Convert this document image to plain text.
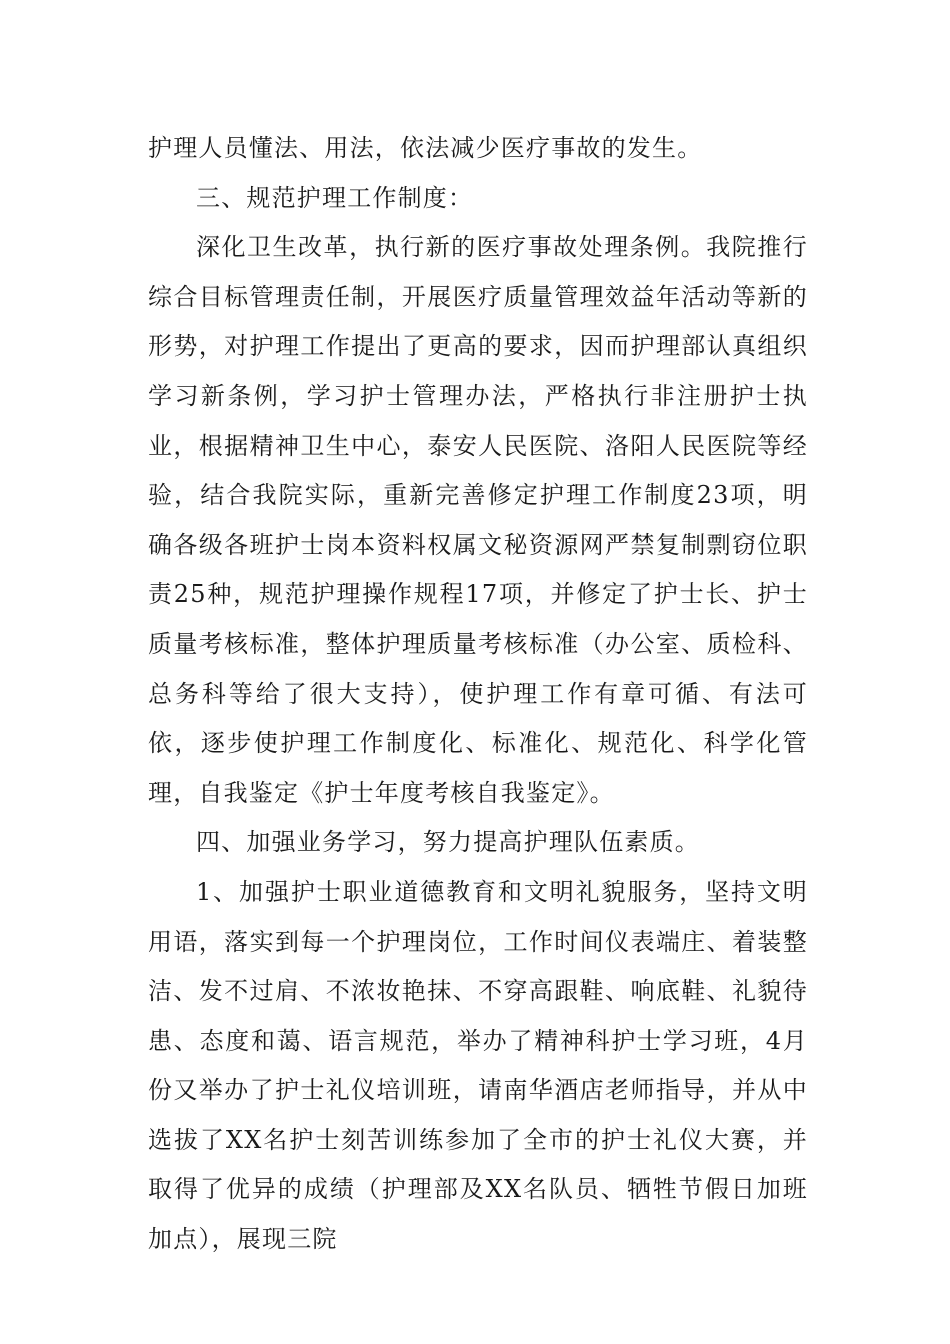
护理人员懂法、用法，依法减少医疗事故的发生。

三、规范护理工作制度：

深化卫生改革，执行新的医疗事故处理条例。我院推行综合目标管理责任制，开展医疗质量管理效益年活动等新的形势，对护理工作提出了更高的要求，因而护理部认真组织学习新条例，学习护士管理办法，严格执行非注册护士执业，根据精神卫生中心，泰安人民医院、洛阳人民医院等经验，结合我院实际，重新完善修定护理工作制度23项，明确各级各班护士岗本资料权属文秘资源网严禁复制剽窃位职责25种，规范护理操作规程17项，并修定了护士长、护士质量考核标准，整体护理质量考核标准（办公室、质检科、总务科等给了很大支持），使护理工作有章可循、有法可依，逐步使护理工作制度化、标准化、规范化、科学化管理，自我鉴定《护士年度考核自我鉴定》。

四、加强业务学习，努力提高护理队伍素质。

1、加强护士职业道德教育和文明礼貌服务，坚持文明用语，落实到每一个护理岗位，工作时间仪表端庄、着装整洁、发不过肩、不浓妆艳抹、不穿高跟鞋、响底鞋、礼貌待患、态度和蔼、语言规范，举办了精神科护士学习班，4月份又举办了护士礼仪培训班，请南华酒店老师指导，并从中选拔了XX名护士刻苦训练参加了全市的护士礼仪大赛，并取得了优异的成绩（护理部及XX名队员、牺牲节假日加班加点），展现三院
